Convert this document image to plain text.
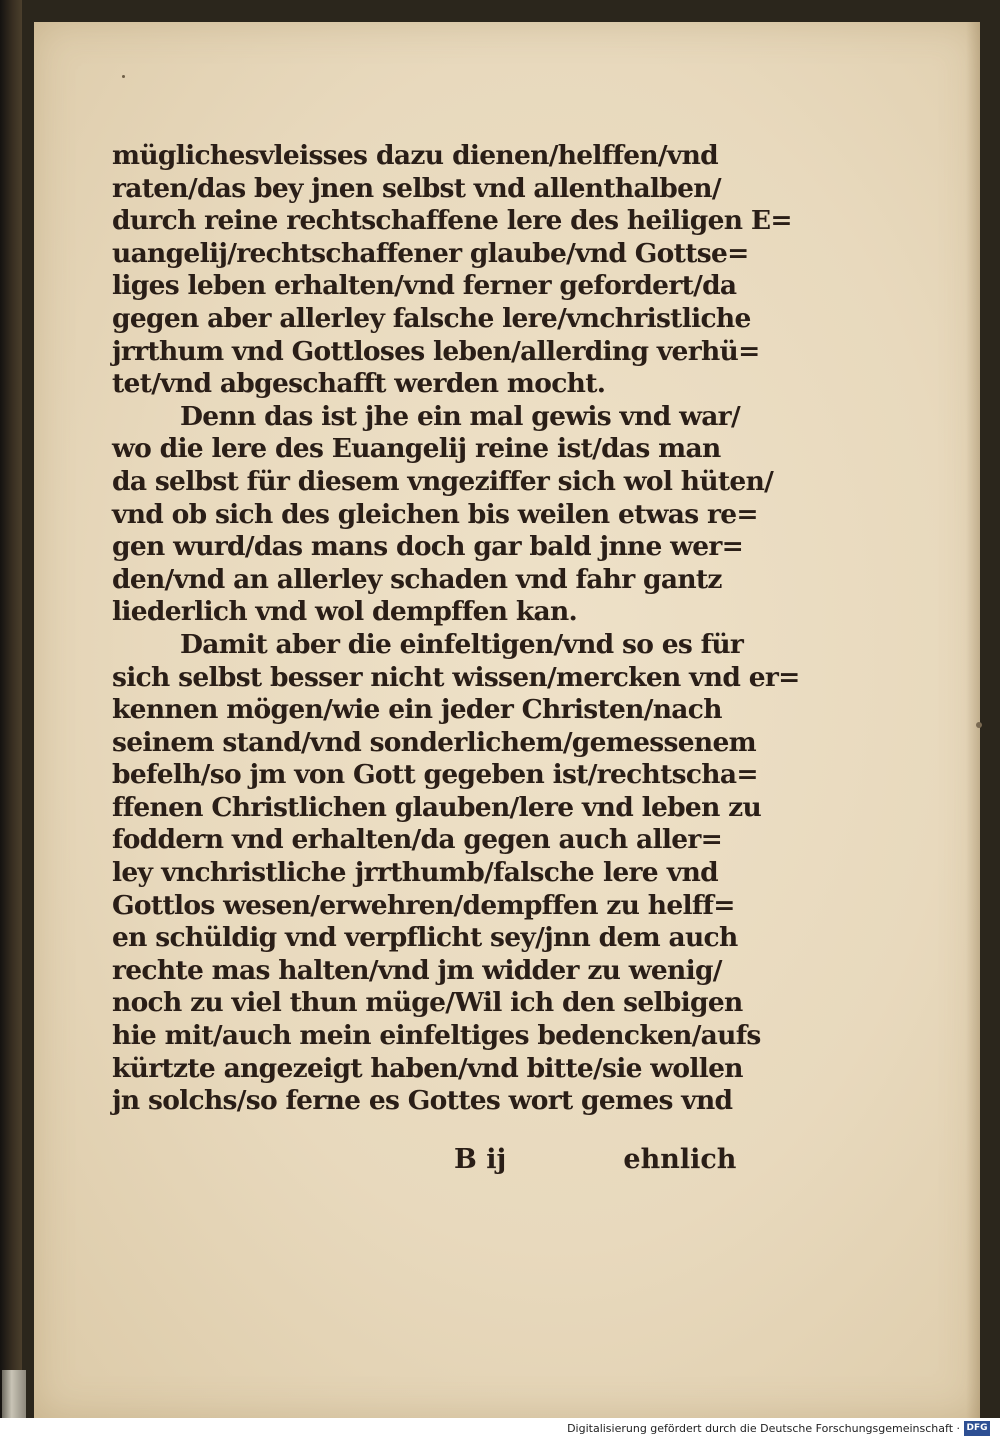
müglichesvleisses dazu dienen/helffen/vnd
raten/das bey jnen selbst vnd allenthalben/
durch reine rechtschaffene lere des heiligen E=
uangelij/rechtschaffener glaube/vnd Gottse=
liges leben erhalten/vnd ferner gefordert/da
gegen aber allerley falsche lere/vnchristliche
jrrthum vnd Gottloses leben/allerding verhü=
tet/vnd abgeschafft werden mocht.
Denn das ist jhe ein mal gewis vnd war/
wo die lere des Euangelij reine ist/das man
da selbst für diesem vngeziffer sich wol hüten/
vnd ob sich des gleichen bis weilen etwas re=
gen wurd/das mans doch gar bald jnne wer=
den/vnd an allerley schaden vnd fahr gantz
liederlich vnd wol dempffen kan.
Damit aber die einfeltigen/vnd so es für
sich selbst besser nicht wissen/mercken vnd er=
kennen mögen/wie ein jeder Christen/nach
seinem stand/vnd sonderlichem/gemessenem
befelh/so jm von Gott gegeben ist/rechtscha=
ffenen Christlichen glauben/lere vnd leben zu
foddern vnd erhalten/da gegen auch aller=
ley vnchristliche jrrthumb/falsche lere vnd
Gottlos wesen/erwehren/dempffen zu helff=
en schüldig vnd verpflicht sey/jnn dem auch
rechte mas halten/vnd jm widder zu wenig/
noch zu viel thun müge/Wil ich den selbigen
hie mit/auch mein einfeltiges bedencken/aufs
kürtzte angezeigt haben/vnd bitte/sie wollen
jn solchs/so ferne es Gottes wort gemes vnd
B ij	ehnlich
Digitalisierung gefördert durch die Deutsche Forschungsgemeinschaft · DFG
